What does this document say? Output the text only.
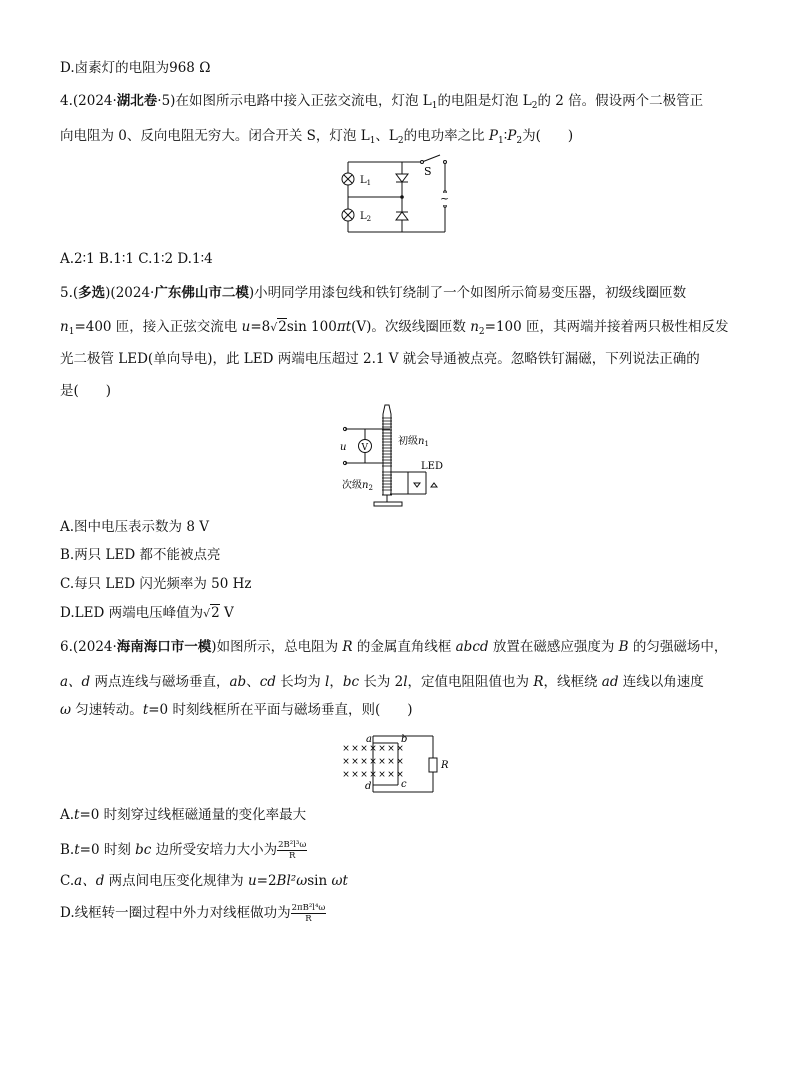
D.卤素灯的电阻为968 Ω
4.(2024·湖北卷·5)在如图所示电路中接入正弦交流电，灯泡 $L_1$的电阻是灯泡 $L_2$的 2 倍。假设两个二极管正
向电阻为 0、反向电阻无穷大。闭合开关 S，灯泡 $L_1$、$L_2$的电功率之比 $P_1∶P_2$为(　　)
$L_1$
$L_2$
S
~
A.2∶1 B.1∶1 C.1∶2 D.1∶4
5.(多选)(2024·广东佛山市二模)小明同学用漆包线和铁钉绕制了一个如图所示简易变压器，初级线圈匝数
$n_1=400$ 匝，接入正弦交流电 u=8√2sin 100πt(V)。次级线圈匝数 $n_2=100$ 匝，其两端并接着两只极性相反发
光二极管 LED(单向导电)，此 LED 两端电压超过 2.1 V 就会导通被点亮。忽略铁钉漏磁，下列说法正确的
是(　　)
u V
初级$n_1$
次级$n_2$
LED
A.图中电压表示数为 8 V
B.两只 LED 都不能被点亮
C.每只 LED 闪光频率为 50 Hz
D.LED 两端电压峰值为√2 V
6.(2024·海南海口市一模)如图所示，总电阻为 R 的金属直角线框 abcd 放置在磁感应强度为 B 的匀强磁场中，
a、d 两点连线与磁场垂直，ab、cd 长均为 l，bc 长为 2l，定值电阻阻值也为 R，线框绕 ad 连线以角速度
ω 匀速转动。t=0 时刻线框所在平面与磁场垂直，则(　　)
× × × × × × ×
× × × × × × ×
× × × × × × ×
a	b
c
d
R
A.t=0 时刻穿过线框磁通量的变化率最大
B.t=0 时刻 bc 边所受安培力大小为 $\frac{\text{2B²l³ω}}{R}$
C.a、d 两点间电压变化规律为 u=2Bl²ωsin ωt
D.线框转一圈过程中外力对线框做功为 $\frac{\text{2πB²l⁴ω}}{R}$
